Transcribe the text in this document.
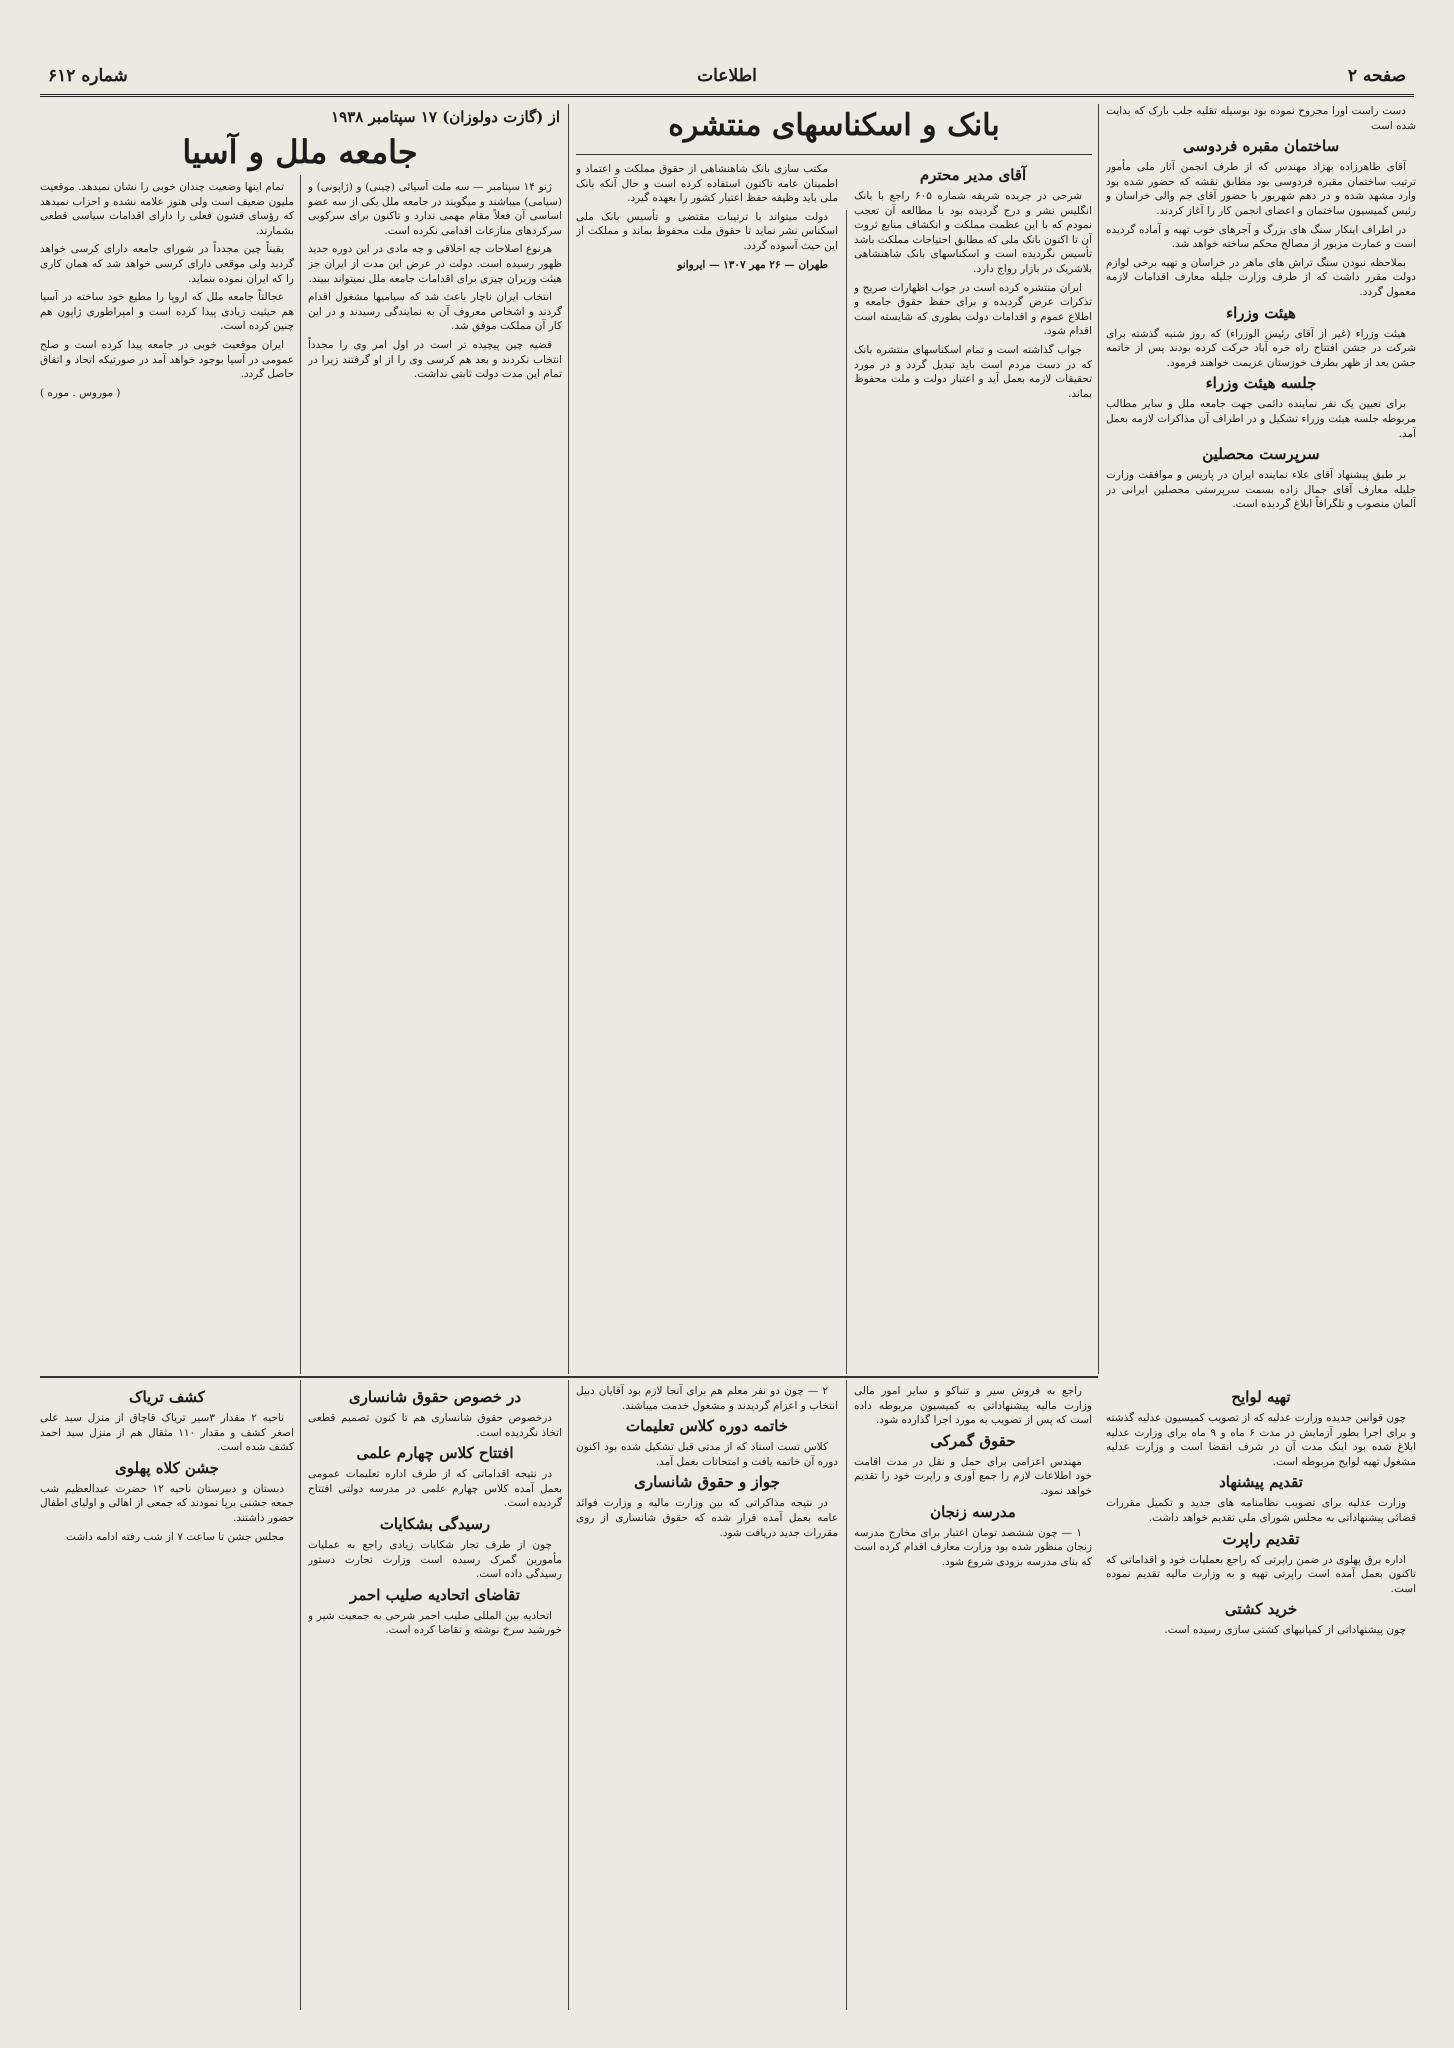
شماره ۶۱۲	اطلاعات	صفحه ۲

دست راست اورا مجروح نموده بود بوسیله تقلیه جلب بارک که بدایت شده است

ساختمان مقبره فردوسی

آقای طاهرزاده بهزاد مهندس که از طرف انجمن آثار ملی مأمور ترتیب ساختمان مقبره فردوسی بود مطابق نقشه که حضور شده بود وارد مشهد شده و در دهم شهریور با حضور آقای جم والی خراسان و رئیس کمیسیون ساختمان و اعضای انجمن کار را آغاز کردند.

در اطراف اینکار سنگ های بزرگ و آجرهای خوب تهیه و آماده گردیده است و عمارت مزبور از مصالح محکم ساخته خواهد شد.

بملاحظه نبودن سنگ تراش های ماهر در خراسان و تهیه برخی لوازم دولت مقرر داشت که از طرف وزارت جلیله معارف اقدامات لازمه معمول گردد.

هیئت وزراء

هیئت وزراء (غیر از آقای رئیس الوزراء) که روز شنبه گذشته برای شرکت در جشن افتتاح راه خره آباد حرکت کرده بودند پس از خاتمه جشن بعد از ظهر بطرف خوزستان عزیمت خواهند فرمود.

جلسه هیئت وزراء

برای تعیین یک نفر نماینده دائمی جهت جامعه ملل و سایر مطالب مربوطه جلسه هیئت وزراء تشکیل و در اطراف آن مذاکرات لازمه بعمل آمد.

سرپرست محصلین

بر طبق پیشنهاد آقای علاء نماینده ایران در پاریس و موافقت وزارت جلیله معارف آقای جمال زاده بسمت سرپرستی محصلین ایرانی در آلمان منصوب و تلگرافاً ابلاغ گردیده است.

بانک و اسکناسهای منتشره
آقای مدیر محترم

شرحی در جریده شریفه شماره ۶۰۵ راجع با بانک انگلیس نشر و درج گردیده بود با مطالعه آن تعجب نمودم که با این عظمت مملکت و انکشاف منابع ثروت آن تا اکنون بانک ملی که مطابق احتیاجات مملکت باشد تأسیس نگردیده است و اسکناسهای بانک شاهنشاهی بلاشریک در بازار رواج دارد.

ایران منتشره کرده است در جواب اظهارات صریح و تذکرات عرض گردیده و برای حفظ حقوق جامعه و اطلاع عموم و اقدامات دولت بطوری که شایسته است اقدام شود.

جواب گذاشته است و تمام اسکناسهای منتشره بانک که در دست مردم است باید تبدیل گردد و در مورد تحقیقات لازمه بعمل آید و اعتبار دولت و ملت محفوظ بماند.

مکتب سازی بانک شاهنشاهی از حقوق مملکت و اعتماد و اطمینان عامه تاکنون استفاده کرده است و حال آنکه بانک ملی باید وظیفه حفظ اعتبار کشور را بعهده گیرد.

دولت میتواند با ترتیبات مقتضی و تأسیس بانک ملی اسکناس نشر نماید تا حقوق ملت محفوظ بماند و مملکت از این حیث آسوده گردد.

طهران — ۲۶ مهر ۱۳۰۷ — ایروانو

از (گازت دولوزان) ۱۷ سپتامبر ۱۹۳۸
جامعه ملل و آسیا

ژنو ۱۴ سپتامبر — سه ملت آسیائی (چینی) و (ژاپونی) و (سیامی) میباشند و میگویند در جامعه ملل یکی از سه عضو اساسی آن فعلاً مقام مهمی ندارد و تاکنون برای سرکوبی سرکردهای منازعات اقدامی نکرده است.

هرنوع اصلاحات چه اخلاقی و چه مادی در این دوره جدید ظهور رسیده است. دولت در عرض این مدت از ایران جز هیئت وزیران چیزی برای اقدامات جامعه ملل نمیتواند ببیند.

انتخاب ایران ناچار باعث شد که سیامیها مشغول اقدام گردند و اشخاص معروف آن به نمایندگی رسیدند و در این کار آن مملکت موفق شد.

قضیه چین پیچیده تر است در اول امر وی را مجدداً انتخاب نکردند و بعد هم کرسی وی را از او گرفتند زیرا در تمام این مدت دولت ثابتی نداشت.

تمام اینها وضعیت چندان خوبی را نشان نمیدهد. موقعیت ملیون ضعیف است ولی هنوز علامه نشده و احزاب نمیدهد که رؤسای قشون فعلی را دارای اقدامات سیاسی قطعی بشمارند.

یقیناً چین مجدداً در شورای جامعه دارای کرسی خواهد گردید ولی موقعی دارای کرسی خواهد شد که همان کاری را که ایران نموده بنماید.

عجالتاً جامعه ملل که اروپا را مطیع خود ساخته در آسیا هم حیثیت زیادی پیدا کرده است و امپراطوری ژاپون هم چنین کرده است.

ایران موقعیت خوبی در جامعه پیدا کرده است و صلح عمومی در آسیا بوجود خواهد آمد در صورتیکه اتحاد و اتفاق حاصل گردد.

( موروس . موره )

تهیه لوایح

چون قوانین جدیده وزارت عدلیه که از تصویب کمیسیون عدلیه گذشته و برای اجرا بطور آزمایش در مدت ۶ ماه و ۹ ماه برای وزارت عدلیه ابلاغ شده بود اینک مدت آن در شرف انقضا است و وزارت عدلیه مشغول تهیه لوایح مربوطه است.

تقدیم پیشنهاد

وزارت عدلیه برای تصویب نظامنامه های جدید و تکمیل مقررات قضائی پیشنهاداتی به مجلس شورای ملی تقدیم خواهد داشت.

تقدیم راپرت

اداره برق پهلوی در ضمن راپرتی که راجع بعملیات خود و اقداماتی که تاکنون بعمل آمده است راپرتی تهیه و به وزارت مالیه تقدیم نموده است.

خرید کشتی

چون پیشنهاداتی از کمپانیهای کشتی سازی رسیده است.

راجع به فروش سیر و تنباکو و سایر امور مالی وزارت مالیه پیشنهاداتی به کمیسیون مربوطه داده است که پس از تصویب به مورد اجرا گذارده شود.

حقوق گمرکی

مهندس اعزامی برای حمل و نقل در مدت اقامت خود اطلاعات لازم را جمع آوری و راپرت خود را تقدیم خواهد نمود.

مدرسه زنجان

۱ — چون ششصد تومان اعتبار برای مخارج مدرسه زنجان منظور شده بود وزارت معارف اقدام کرده است که بنای مدرسه بزودی شروع شود.

۲ — چون دو نفر معلم هم برای آنجا لازم بود آقایان دبیل انتخاب و اعزام گردیدند و مشغول خدمت میباشند.

خاتمه دوره کلاس تعلیمات

کلاس تست اسناد که از مدتی قبل تشکیل شده بود اکنون دوره آن خاتمه یافت و امتحانات بعمل آمد.

جواز و حقوق شانساری

در نتیجه مذاکراتی که بین وزارت مالیه و وزارت فوائد عامه بعمل آمده قرار شده که حقوق شانساری از روی مقررات جدید دریافت شود.

در خصوص حقوق شانساری

درخصوص حقوق شانساری هم تا کنون تصمیم قطعی اتخاذ نگردیده است.

افتتاح کلاس چهارم علمی

در نتیجه اقداماتی که از طرف اداره تعلیمات عمومی بعمل آمده کلاس چهارم علمی در مدرسه دولتی افتتاح گردیده است.

رسیدگی بشکایات

چون از طرف تجار شکایات زیادی راجع به عملیات مأمورین گمرک رسیده است وزارت تجارت دستور رسیدگی داده است.

تقاضای اتحادیه صلیب احمر

اتحادیه بین المللی صلیب احمر شرحی به جمعیت شیر و خورشید سرخ نوشته و تقاضا کرده است.

کشف تریاک

ناحیه ۲ مقدار ۳سیر تریاک قاچاق از منزل سید علی اصغر کشف و مقدار ۱۱۰ مثقال هم از منزل سید احمد کشف شده است.

جشن کلاه پهلوی

دبستان و دبیرستان ناحیه ۱۲ حضرت عبدالعظیم شب جمعه جشنی برپا نمودند که جمعی از اهالی و اولیای اطفال حضور داشتند.

مجلس جشن تا ساعت ۷ از شب رفته ادامه داشت
